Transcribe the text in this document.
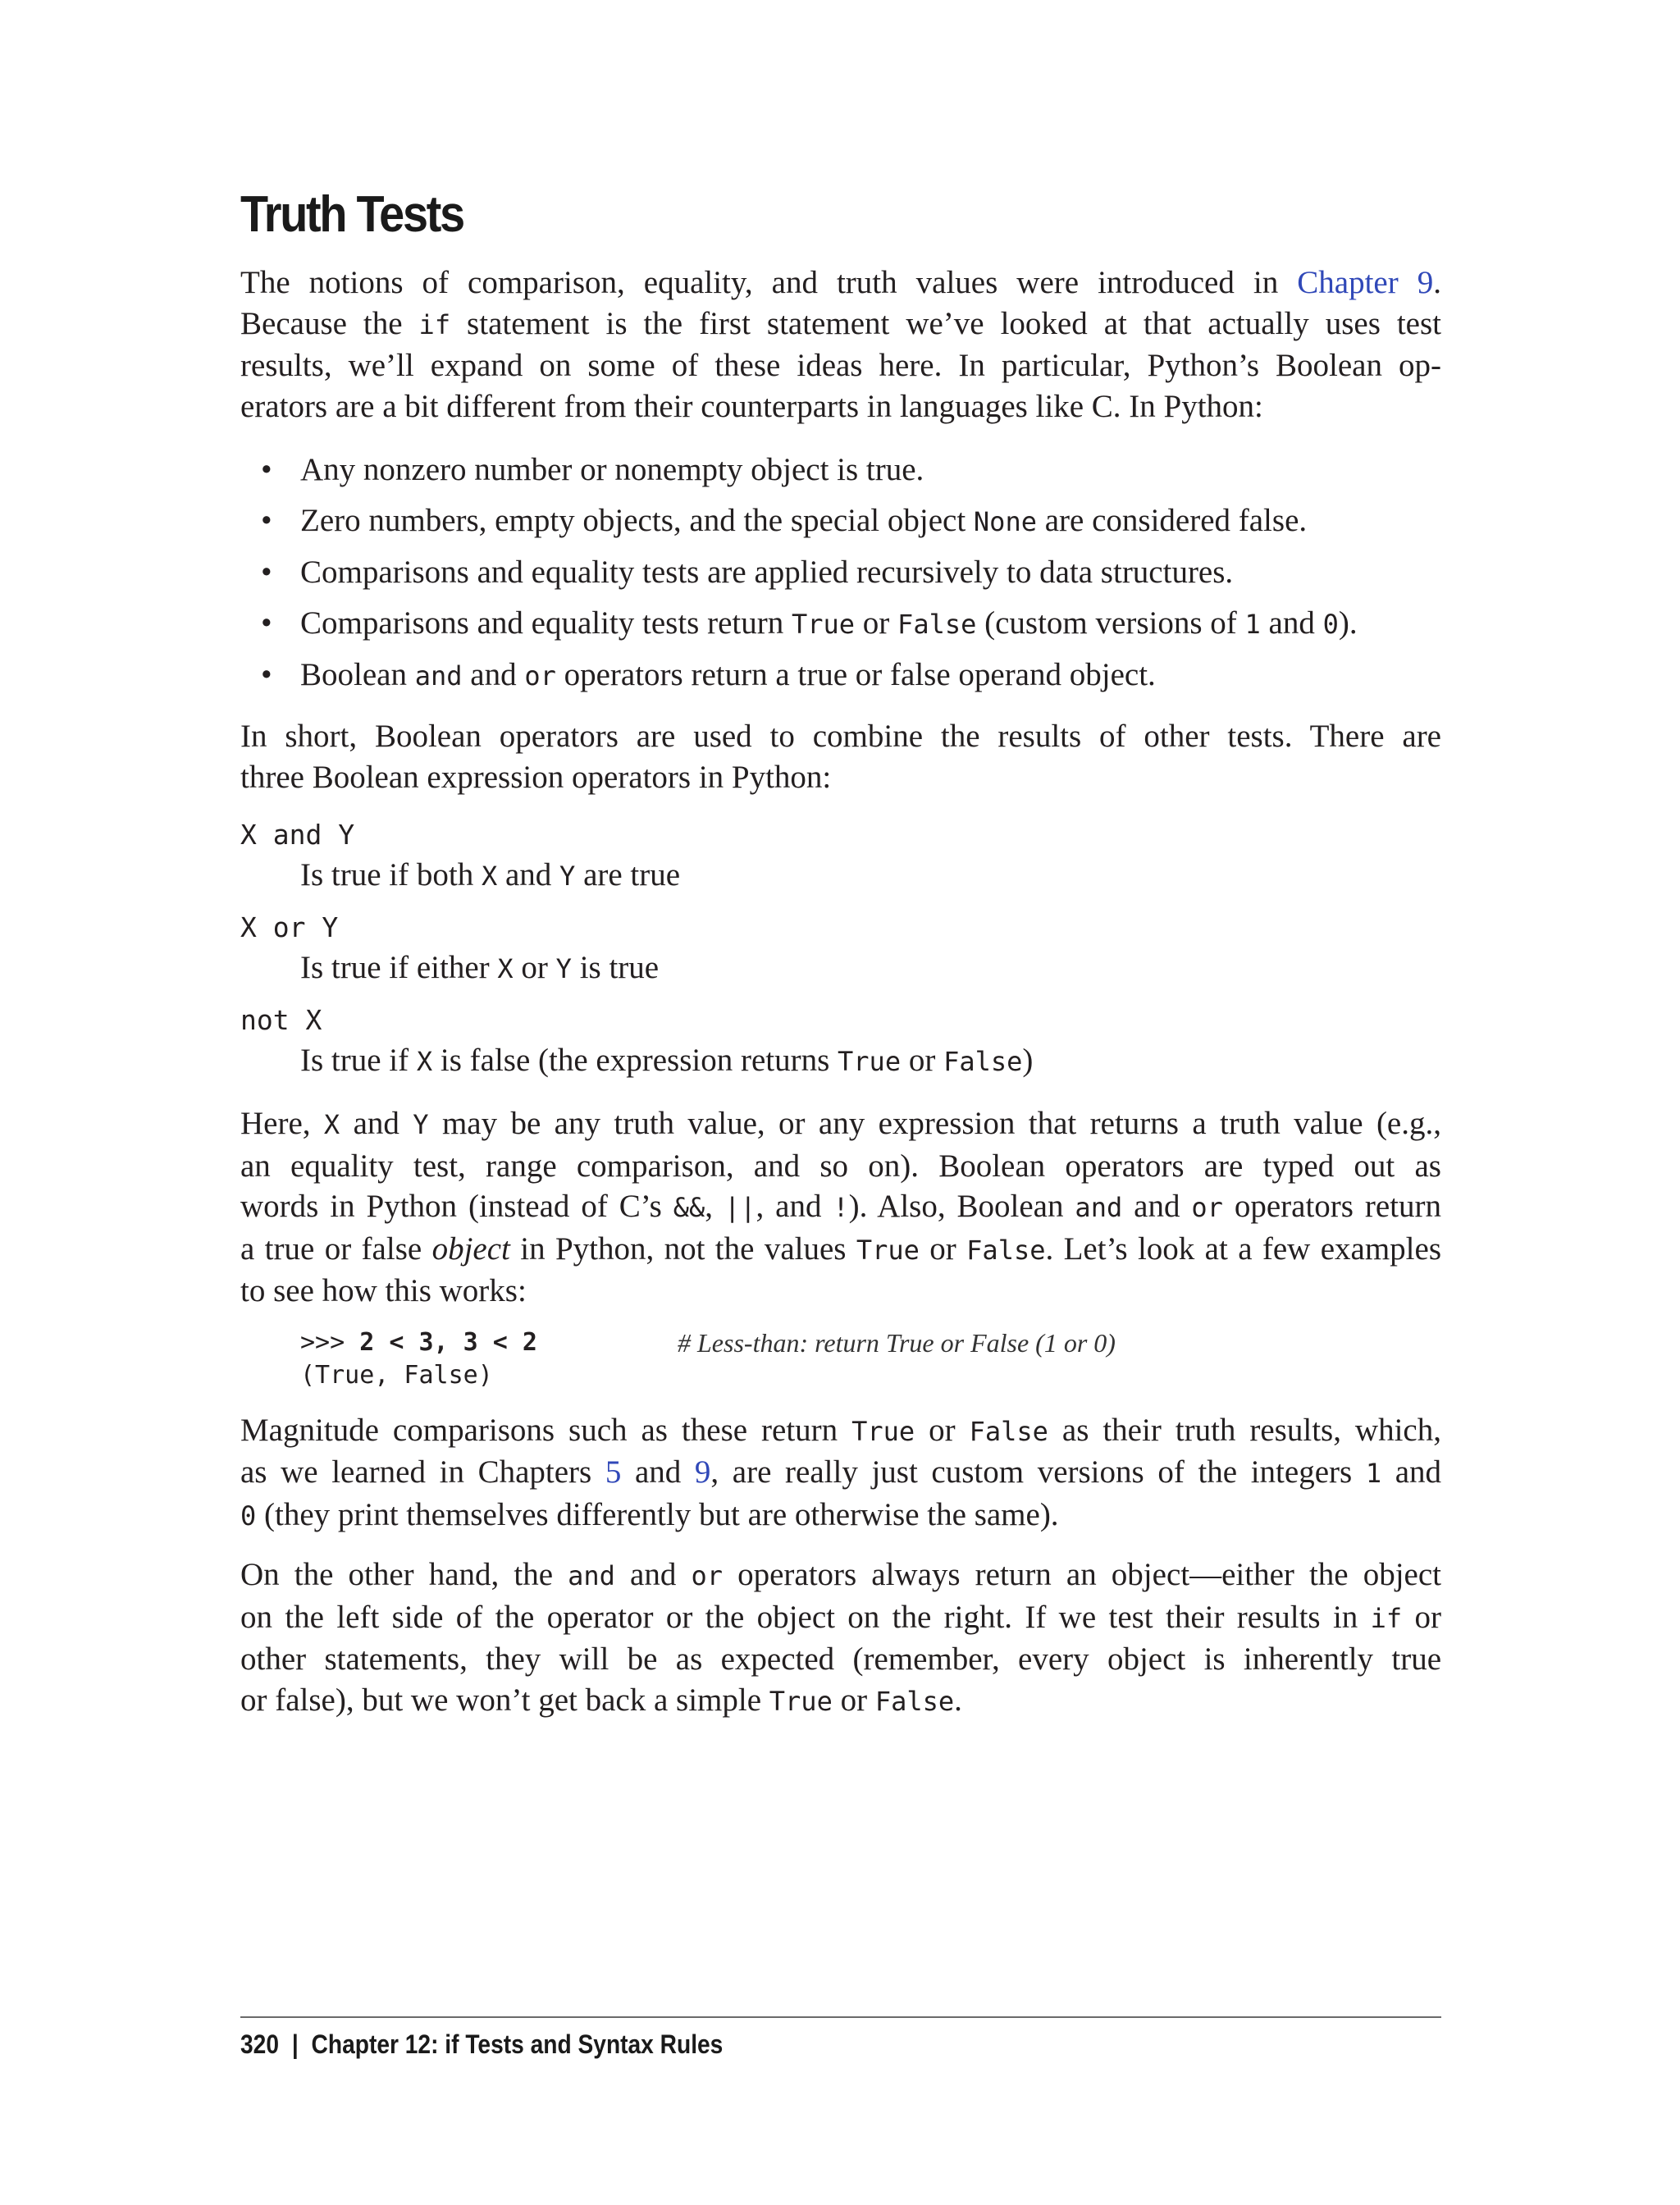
Truth Tests

The notions of comparison, equality, and truth values were introduced in Chapter 9.

Because the if statement is the first statement we’ve looked at that actually uses test

results, we’ll expand on some of these ideas here. In particular, Python’s Boolean op-

erators are a bit different from their counterparts in languages like C. In Python:

• Any nonzero number or nonempty object is true.
• Zero numbers, empty objects, and the special object None are considered false.
• Comparisons and equality tests are applied recursively to data structures.
• Comparisons and equality tests return True or False (custom versions of 1 and 0).
• Boolean and and or operators return a true or false operand object.

In short, Boolean operators are used to combine the results of other tests. There are

three Boolean expression operators in Python:

X and Y
Is true if both X and Y are true
X or Y
Is true if either X or Y is true
not X
Is true if X is false (the expression returns True or False)

Here, X and Y may be any truth value, or any expression that returns a truth value (e.g.,

an equality test, range comparison, and so on). Boolean operators are typed out as

words in Python (instead of C’s &&, ||, and !). Also, Boolean and and or operators return

a true or false object in Python, not the values True or False. Let’s look at a few examples

to see how this works:

>>> 2 < 3, 3 < 2	# Less-than: return True or False (1 or 0)
(True, False)

Magnitude comparisons such as these return True or False as their truth results, which,

as we learned in Chapters 5 and 9, are really just custom versions of the integers 1 and

0 (they print themselves differently but are otherwise the same).

On the other hand, the and and or operators always return an object—either the object

on the left side of the operator or the object on the right. If we test their results in if or

other statements, they will be as expected (remember, every object is inherently true

or false), but we won’t get back a simple True or False.

320 | Chapter 12: if Tests and Syntax Rules
